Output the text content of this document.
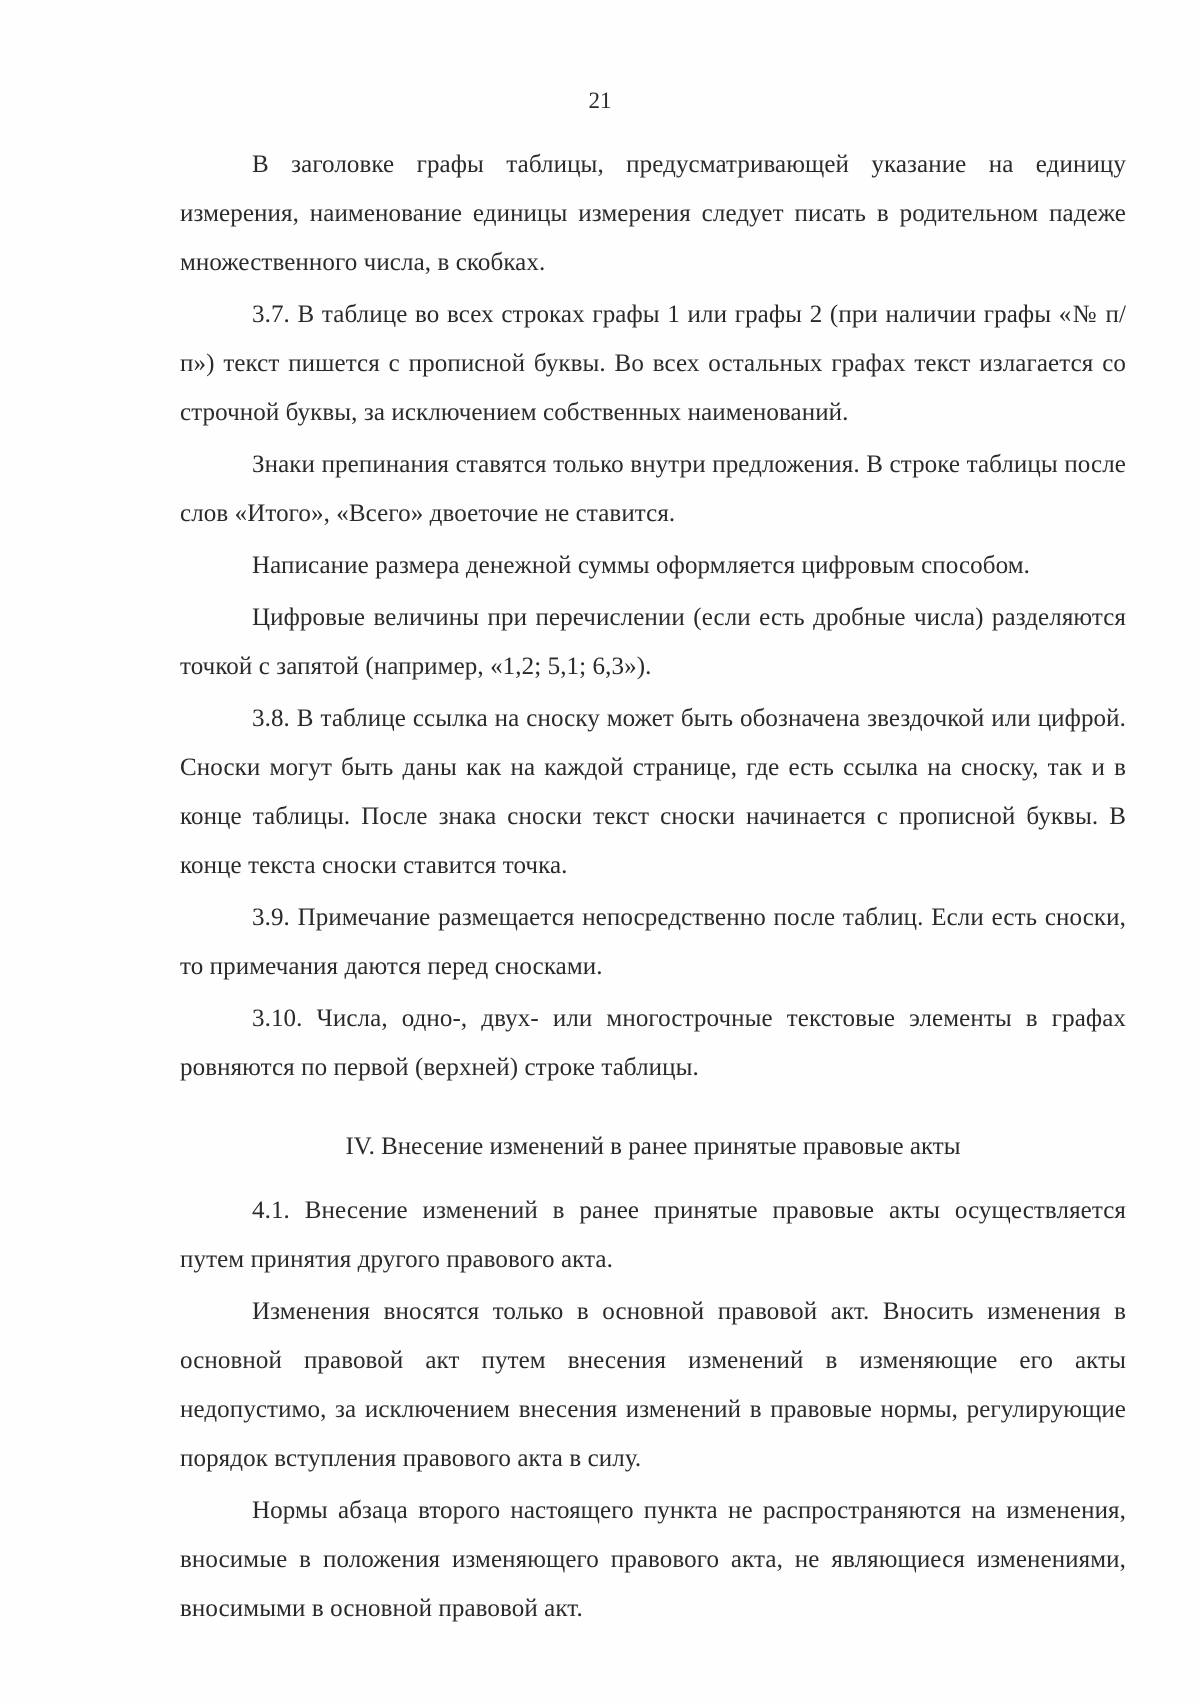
21

В заголовке графы таблицы, предусматривающей указание на единицу измерения, наименование единицы измерения следует писать в родительном падеже множественного числа, в скобках.

3.7. В таблице во всех строках графы 1 или графы 2 (при наличии графы «№ п/п») текст пишется с прописной буквы. Во всех остальных графах текст излагается со строчной буквы, за исключением собственных наименований.

Знаки препинания ставятся только внутри предложения. В строке таблицы после слов «Итого», «Всего» двоеточие не ставится.

Написание размера денежной суммы оформляется цифровым способом.

Цифровые величины при перечислении (если есть дробные числа) разделяются точкой с запятой (например, «1,2; 5,1; 6,3»).

3.8. В таблице ссылка на сноску может быть обозначена звездочкой или цифрой. Сноски могут быть даны как на каждой странице, где есть ссылка на сноску, так и в конце таблицы. После знака сноски текст сноски начинается с прописной буквы. В конце текста сноски ставится точка.

3.9. Примечание размещается непосредственно после таблиц. Если есть сноски, то примечания даются перед сносками.

3.10. Числа, одно-, двух- или многострочные текстовые элементы в графах ровняются по первой (верхней) строке таблицы.

IV. Внесение изменений в ранее принятые правовые акты

4.1. Внесение изменений в ранее принятые правовые акты осуществляется путем принятия другого правового акта.

Изменения вносятся только в основной правовой акт. Вносить изменения в основной правовой акт путем внесения изменений в изменяющие его акты недопустимо, за исключением внесения изменений в правовые нормы, регулирующие порядок вступления правового акта в силу.

Нормы абзаца второго настоящего пункта не распространяются на изменения, вносимые в положения изменяющего правового акта, не являющиеся изменениями, вносимыми в основной правовой акт.
